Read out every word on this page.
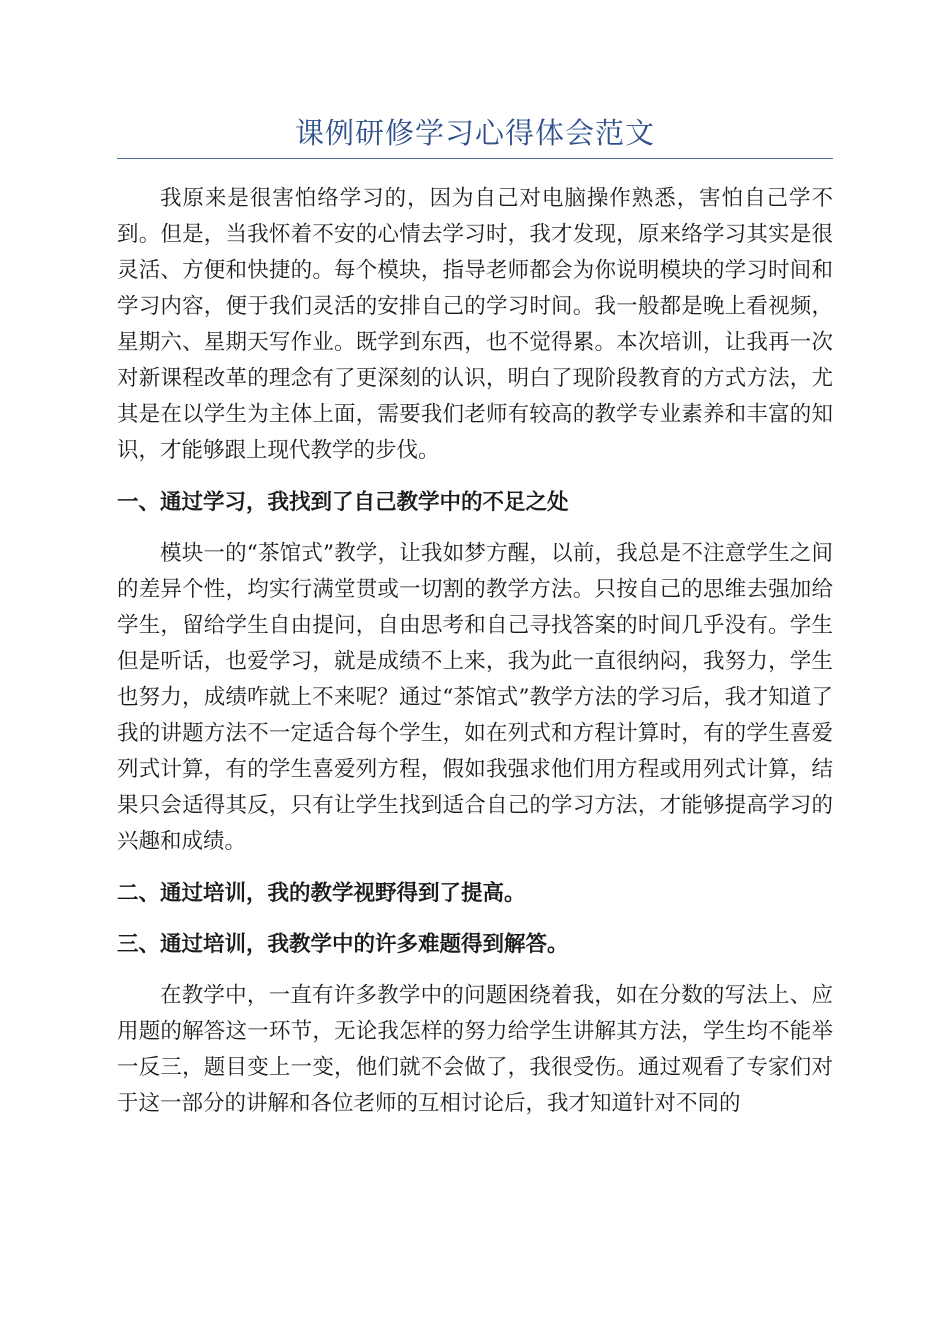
课例研修学习心得体会范文

我原来是很害怕络学习的，因为自己对电脑操作熟悉，害怕自己学不到。但是，当我怀着不安的心情去学习时，我才发现，原来络学习其实是很灵活、方便和快捷的。每个模块，指导老师都会为你说明模块的学习时间和学习内容，便于我们灵活的安排自己的学习时间。我一般都是晚上看视频，星期六、星期天写作业。既学到东西，也不觉得累。本次培训，让我再一次对新课程改革的理念有了更深刻的认识，明白了现阶段教育的方式方法，尤其是在以学生为主体上面，需要我们老师有较高的教学专业素养和丰富的知识，才能够跟上现代教学的步伐。

一、通过学习，我找到了自己教学中的不足之处

模块一的“茶馆式”教学，让我如梦方醒，以前，我总是不注意学生之间的差异个性，均实行满堂贯或一切割的教学方法。只按自己的思维去强加给学生，留给学生自由提问，自由思考和自己寻找答案的时间几乎没有。学生但是听话，也爱学习，就是成绩不上来，我为此一直很纳闷，我努力，学生也努力，成绩咋就上不来呢？通过“茶馆式”教学方法的学习后，我才知道了我的讲题方法不一定适合每个学生，如在列式和方程计算时，有的学生喜爱列式计算，有的学生喜爱列方程，假如我强求他们用方程或用列式计算，结果只会适得其反，只有让学生找到适合自己的学习方法，才能够提高学习的兴趣和成绩。

二、通过培训，我的教学视野得到了提高。
三、通过培训，我教学中的许多难题得到解答。

在教学中，一直有许多教学中的问题困绕着我，如在分数的写法上、应用题的解答这一环节，无论我怎样的努力给学生讲解其方法，学生均不能举一反三，题目变上一变，他们就不会做了，我很受伤。通过观看了专家们对于这一部分的讲解和各位老师的互相讨论后，我才知道针对不同的
